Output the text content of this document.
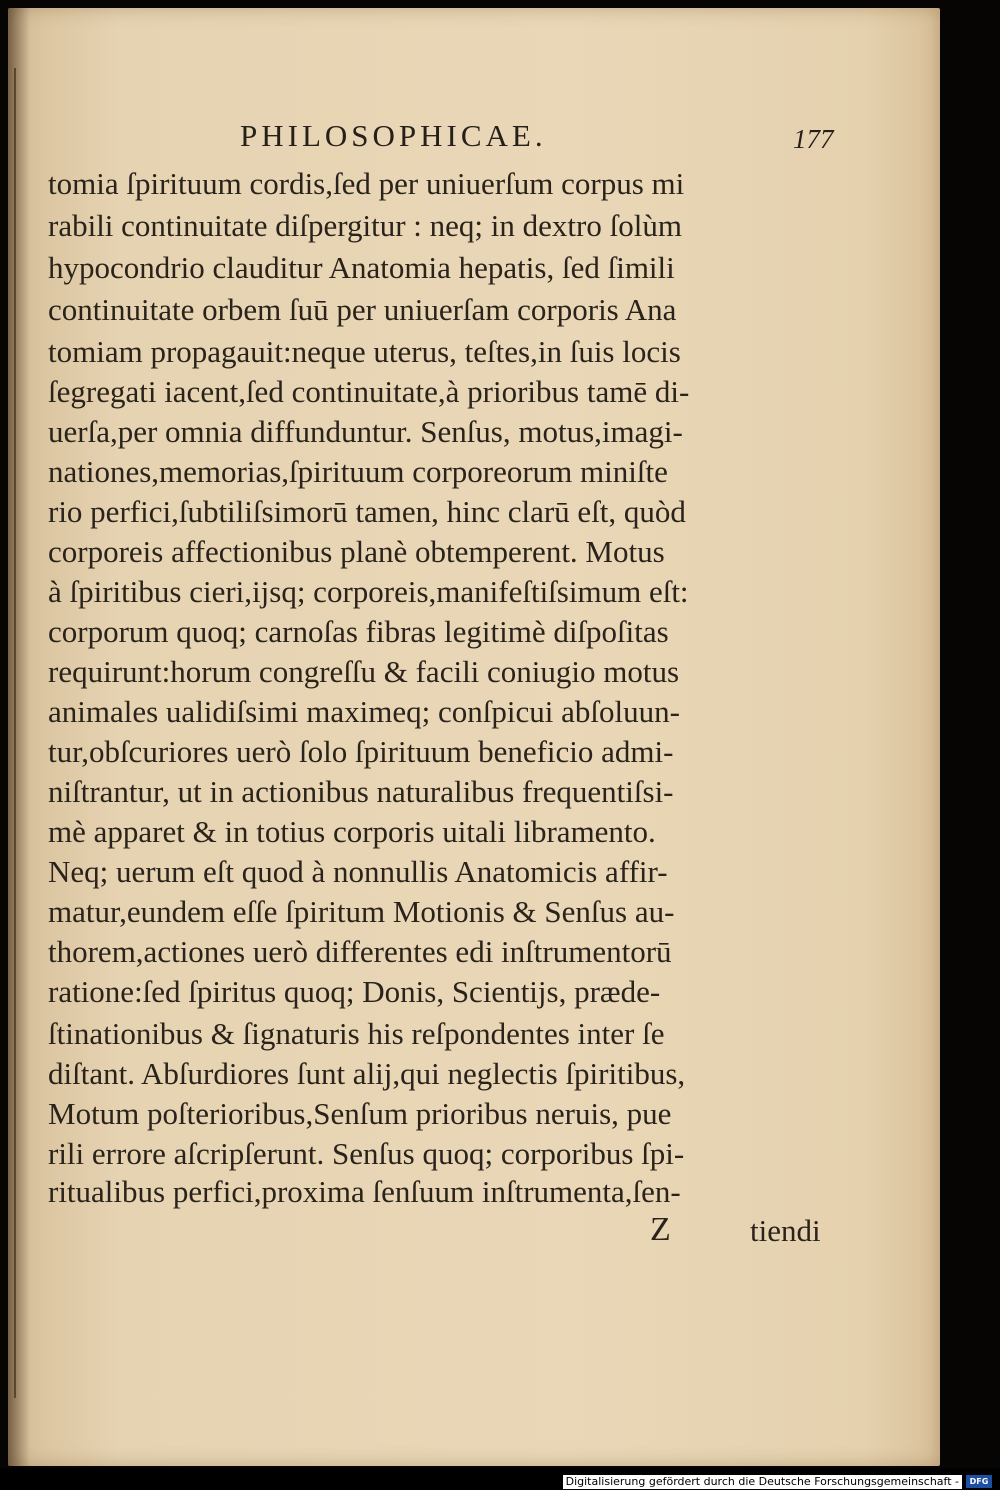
PHILOSOPHICAE.	177
tomia ſpirituum cordis,ſed per uniuerſum corpus mi
rabili continuitate diſpergitur : neq; in dextro ſolùm
hypocondrio clauditur Anatomia hepatis, ſed ſimili
continuitate orbem ſuū per uniuerſam corporis Ana
tomiam propagauit:neque uterus, teſtes,in ſuis locis
ſegregati iacent,ſed continuitate,à prioribus tamē di-
uerſa,per omnia diffunduntur. Senſus, motus,imagi-
nationes,memorias,ſpirituum corporeorum miniſte
rio perfici,ſubtiliſsimorū tamen, hinc clarū eſt, quòd
corporeis affectionibus planè obtemperent. Motus
à ſpiritibus cieri,ijsq; corporeis,manifeſtiſsimum eſt:
corporum quoq; carnoſas fibras legitimè diſpoſitas
requirunt:horum congreſſu & facili coniugio motus
animales ualidiſsimi maximeq; conſpicui abſoluun-
tur,obſcuriores uerò ſolo ſpirituum beneficio admi-
niſtrantur, ut in actionibus naturalibus frequentiſsi-
mè apparet & in totius corporis uitali libramento.
Neq; uerum eſt quod à nonnullis Anatomicis affir-
matur,eundem eſſe ſpiritum Motionis & Senſus au-
thorem,actiones uerò differentes edi inſtrumentorū
ratione:ſed ſpiritus quoq; Donis, Scientijs, præde-
ſtinationibus & ſignaturis his reſpondentes inter ſe
diſtant. Abſurdiores ſunt alij,qui neglectis ſpiritibus,
Motum poſterioribus,Senſum prioribus neruis, pue
rili errore aſcripſerunt. Senſus quoq; corporibus ſpi-
ritualibus perfici,proxima ſenſuum inſtrumenta,ſen-
Z	tiendi
Digitalisierung gefördert durch die Deutsche Forschungsgemeinschaft -	DFG
